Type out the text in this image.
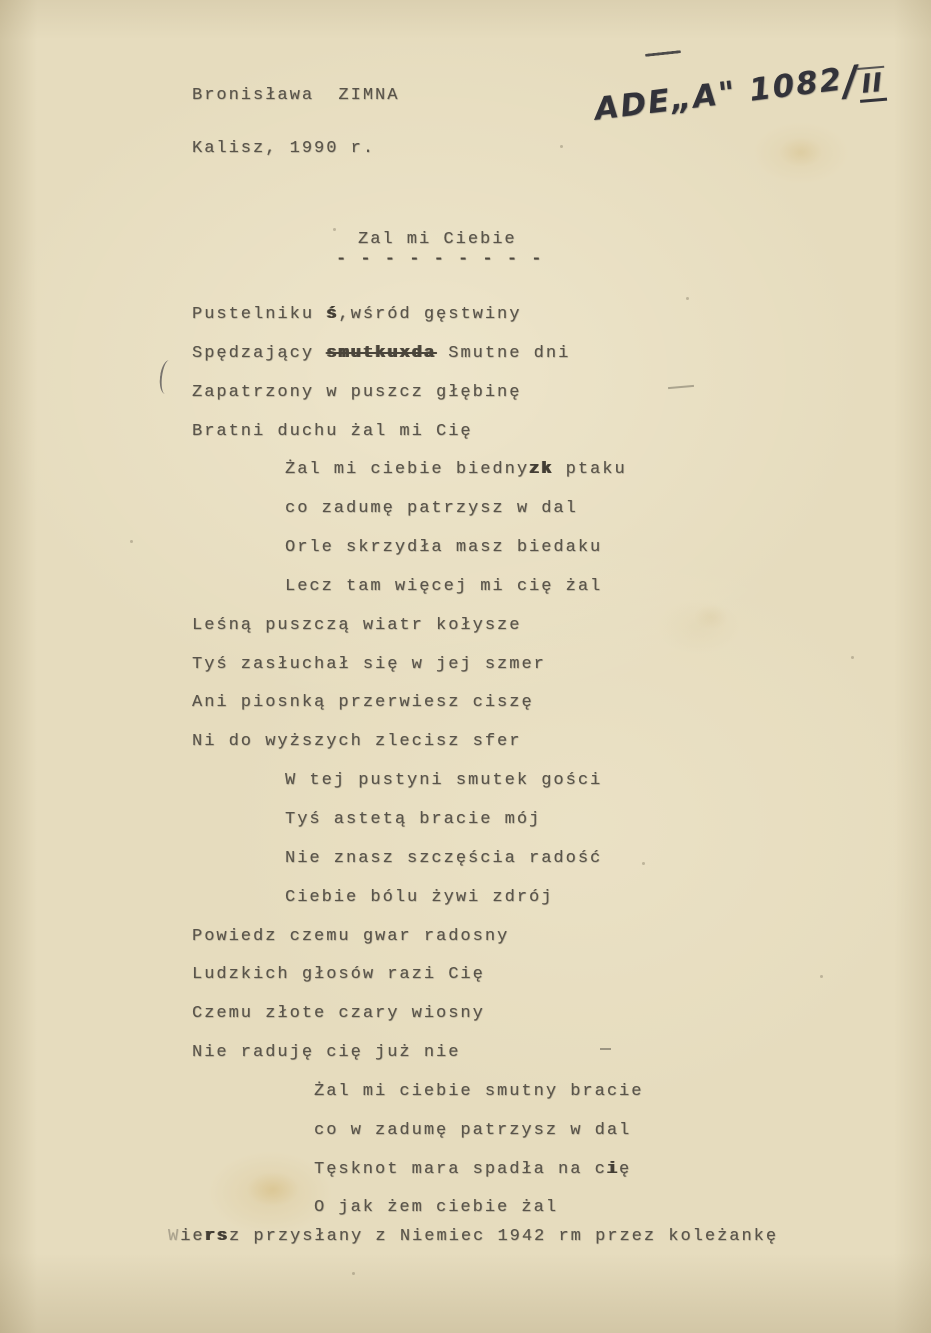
Bronisława  ZIMNA
Kalisz, 1990 r.
ADE„A" 1082/II
Zal mi Ciebie
- - - - - - - - -
Pustelniku ś,wśród gęstwiny
Spędzający smutkuxda Smutne dni
Zapatrzony w puszcz głębinę
Bratni duchu żal mi Cię
Żal mi ciebie biednyzk ptaku
co zadumę patrzysz w dal
Orle skrzydła masz biedaku
Lecz tam więcej mi cię żal
Leśną puszczą wiatr kołysze
Tyś zasłuchał się w jej szmer
Ani piosnką przerwiesz ciszę
Ni do wyższych zlecisz sfer
W tej pustyni smutek gości
Tyś astetą bracie mój
Nie znasz szczęścia radość
Ciebie bólu żywi zdrój
Powiedz czemu gwar radosny
Ludzkich głosów razi Cię
Czemu złote czary wiosny
Nie raduję cię już nie
Żal mi ciebie smutny bracie
co w zadumę patrzysz w dal
Tęsknot mara spadła na cię
O jak żem ciebie żal
Wiersz przysłany z Niemiec 1942 rm przez koleżankę
